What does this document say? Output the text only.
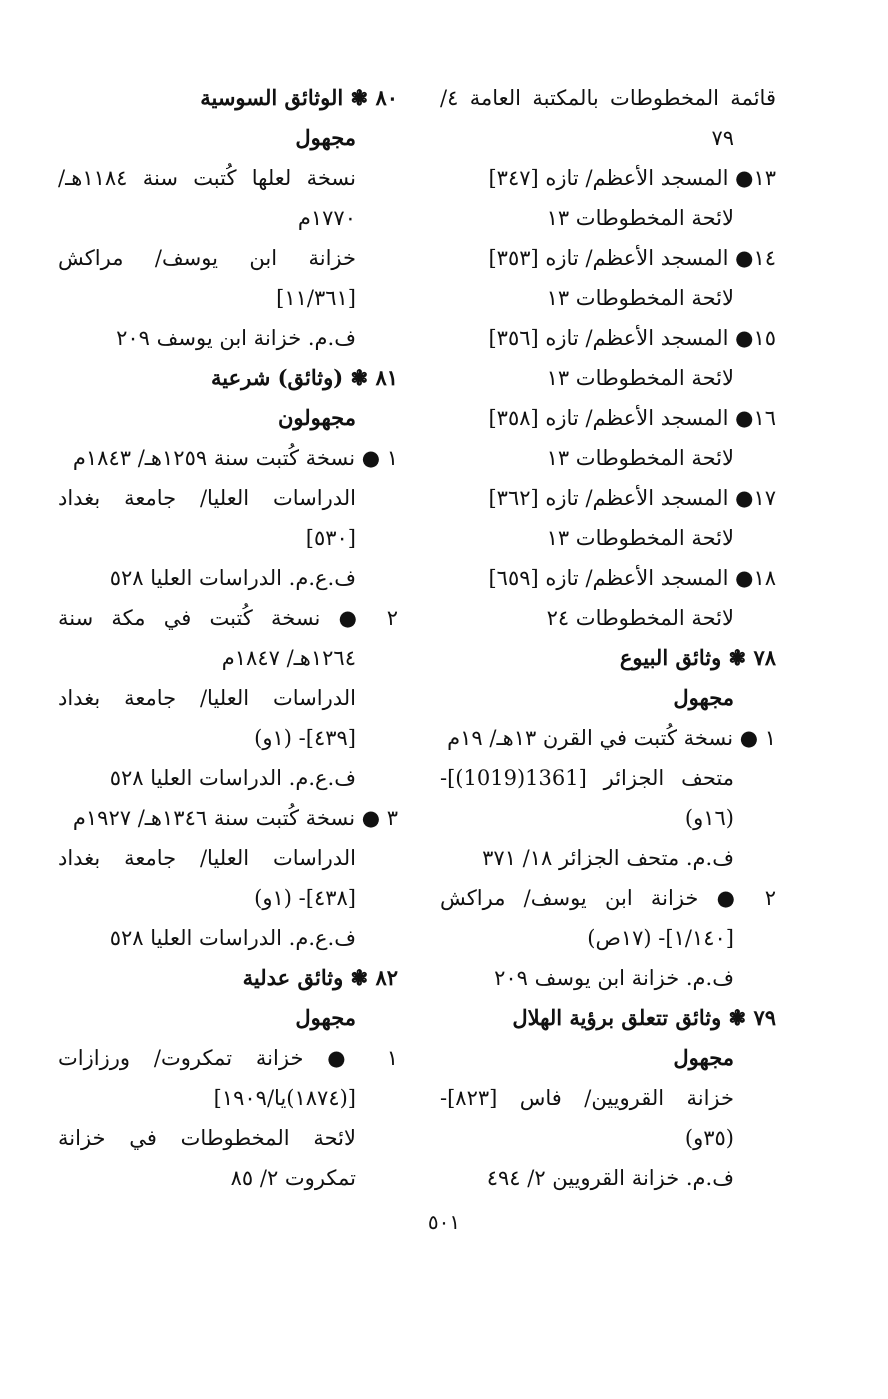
قائمة المخطوطات بالمكتبة العامة ٤/
٧٩
١٣● المسجد الأعظم/ تازه [٣٤٧]
لائحة المخطوطات ١٣
١٤● المسجد الأعظم/ تازه [٣٥٣]
لائحة المخطوطات ١٣
١٥● المسجد الأعظم/ تازه [٣٥٦]
لائحة المخطوطات ١٣
١٦● المسجد الأعظم/ تازه [٣٥٨]
لائحة المخطوطات ١٣
١٧● المسجد الأعظم/ تازه [٣٦٢]
لائحة المخطوطات ١٣
١٨● المسجد الأعظم/ تازه [٦٥٩]
لائحة المخطوطات ٢٤
٧٨ ❃ وثائق البيوع
مجهول
١ ● نسخة كُتبت في القرن ١٣هـ/ ١٩م
متحف الجزائر [1361(1019)]-
(١٦و)
ف.م. متحف الجزائر ١٨/ ٣٧١
٢ ● خزانة ابن يوسف/ مراكش
[١/١٤٠]- (١٧ص)
ف.م. خزانة ابن يوسف ٢٠٩
٧٩ ❃ وثائق تتعلق برؤية الهلال
مجهول
خزانة القرويين/ فاس [٨٢٣]-
(٣٥و)
ف.م. خزانة القرويين ٢/ ٤٩٤
٨٠ ❃ الوثائق السوسية
مجهول
نسخة لعلها كُتبت سنة ١١٨٤هـ/
١٧٧٠م
خزانة ابن يوسف/ مراكش
[١١/٣٦١]
ف.م. خزانة ابن يوسف ٢٠٩
٨١ ❃ (وثائق) شرعية
مجهولون
١ ● نسخة كُتبت سنة ١٢٥٩هـ/ ١٨٤٣م
الدراسات العليا/ جامعة بغداد
[٥٣٠]
ف.ع.م. الدراسات العليا ٥٢٨
٢ ● نسخة كُتبت في مكة سنة
١٢٦٤هـ/ ١٨٤٧م
الدراسات العليا/ جامعة بغداد
[٤٣٩]- (١و)
ف.ع.م. الدراسات العليا ٥٢٨
٣ ● نسخة كُتبت سنة ١٣٤٦هـ/ ١٩٢٧م
الدراسات العليا/ جامعة بغداد
[٤٣٨]- (١و)
ف.ع.م. الدراسات العليا ٥٢٨
٨٢ ❃ وثائق عدلية
مجهول
١ ● خزانة تمكروت/ ورزازات
[(١٨٧٤)يا/١٩٠٩]
لائحة المخطوطات في خزانة
تمكروت ٢/ ٨٥
٥٠١
